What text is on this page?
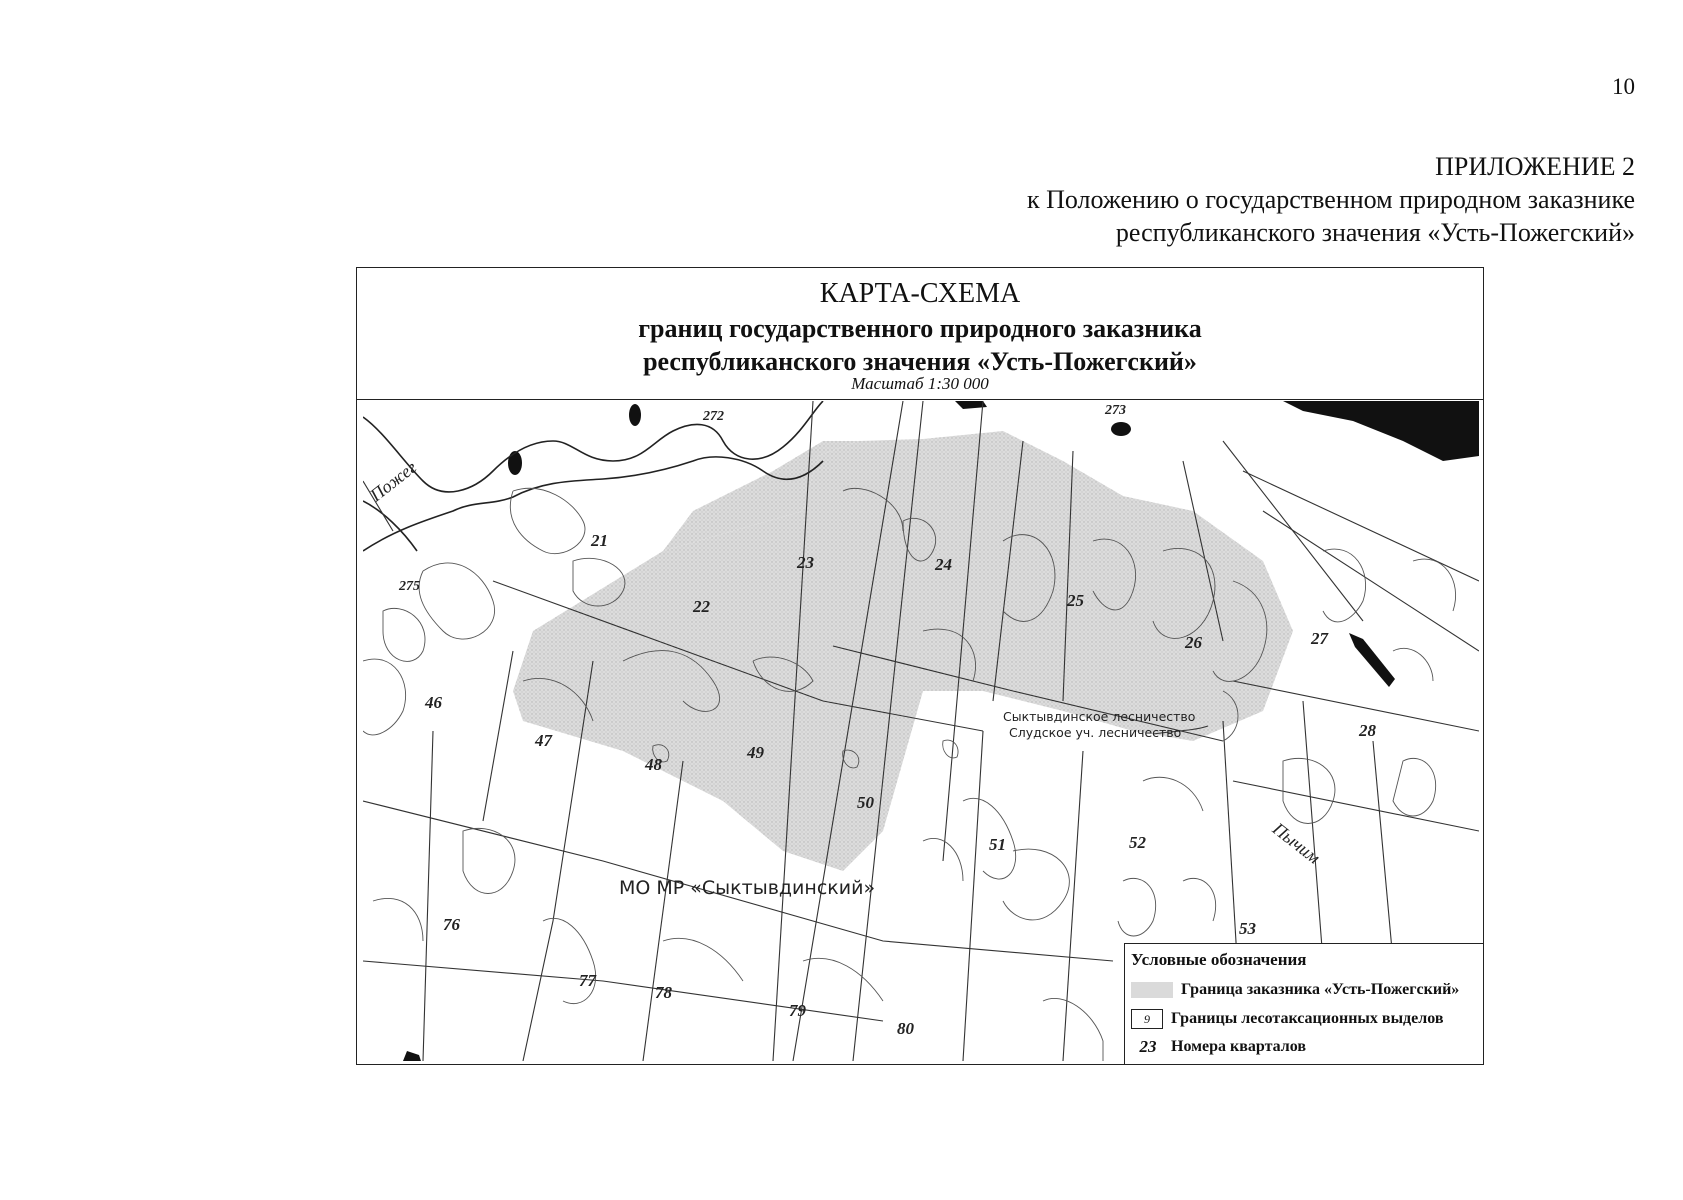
10
ПРИЛОЖЕНИЕ 2
к Положению о государственном природном заказнике
республиканского значения «Усть-Пожегский»
КАРТА-СХЕМА
границ государственного природного заказника
республиканского значения «Усть-Пожегский»
Масштаб 1:30 000
272	273
275
21
22
23	24
25
26	27
28
46
47
48
49
50
51	52
53
76
77
78
79
80
Пожег
Пычим
Сыктывдинское лесничество
Слудское уч. лесничество
МО МР «Сыктывдинский»
Условные обозначения
Граница заказника «Усть-Пожегский»
9	Границы лесотаксационных выделов
23 Номера кварталов
